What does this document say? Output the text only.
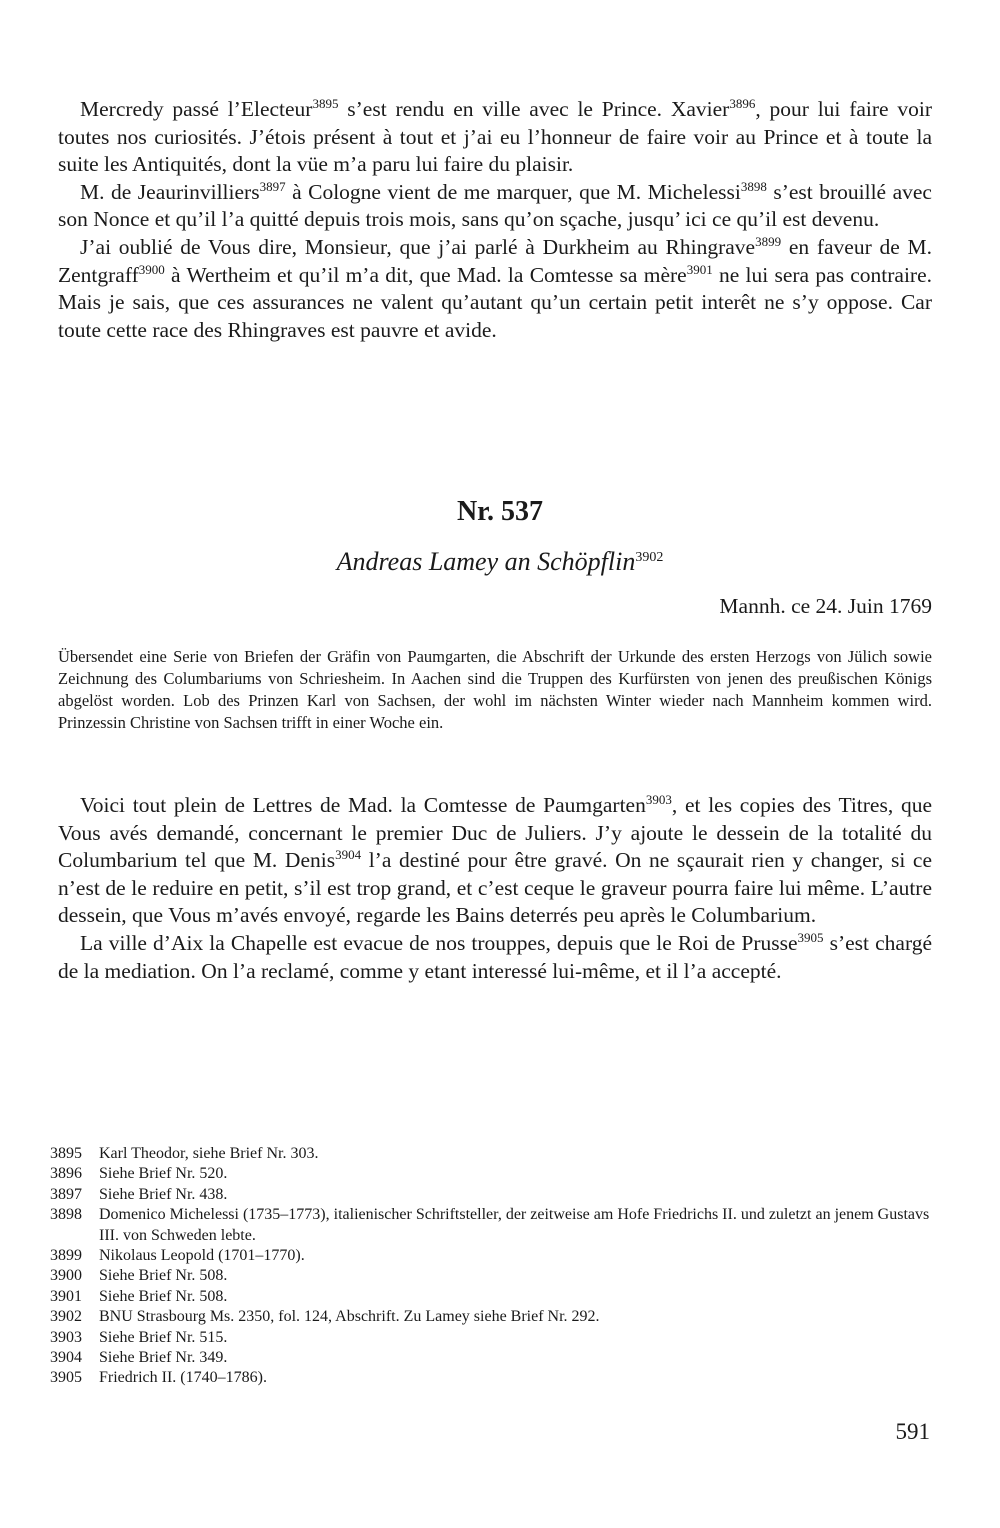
Mercredy passé l’Electeur$^{3895}$ s’est rendu en ville avec le Prince. Xavier$^{3896}$, pour lui faire voir toutes nos curiosités. J’étois présent à tout et j’ai eu l’honneur de faire voir au Prince et à toute la suite les Antiquités, dont la vüe m’a paru lui faire du plaisir.

M. de Jeaurinvilliers$^{3897}$ à Cologne vient de me marquer, que M. Michelessi$^{3898}$ s’est brouillé avec son Nonce et qu’il l’a quitté depuis trois mois, sans qu’on sçache, jusqu’ ici ce qu’il est devenu.

J’ai oublié de Vous dire, Monsieur, que j’ai parlé à Durkheim au Rhingrave$^{3899}$ en faveur de M. Zentgraff$^{3900}$ à Wertheim et qu’il m’a dit, que Mad. la Comtesse sa mère$^{3901}$ ne lui sera pas contraire. Mais je sais, que ces assurances ne valent qu’autant qu’un certain petit interêt ne s’y oppose. Car toute cette race des Rhingraves est pauvre et avide.

Nr. 537
Andreas Lamey an Schöpflin$^{3902}$
Mannh. ce 24. Juin 1769
Übersendet eine Serie von Briefen der Gräfin von Paumgarten, die Abschrift der Urkunde des ersten Herzogs von Jülich sowie Zeichnung des Columbariums von Schriesheim. In Aachen sind die Truppen des Kurfürsten von jenen des preußischen Königs abgelöst worden. Lob des Prinzen Karl von Sachsen, der wohl im nächsten Winter wieder nach Mannheim kommen wird. Prinzessin Christine von Sachsen trifft in einer Woche ein.

Voici tout plein de Lettres de Mad. la Comtesse de Paumgarten$^{3903}$, et les copies des Titres, que Vous avés demandé, concernant le premier Duc de Juliers. J’y ajoute le dessein de la totalité du Columbarium tel que M. Denis$^{3904}$ l’a destiné pour être gravé. On ne sçaurait rien y changer, si ce n’est de le reduire en petit, s’il est trop grand, et c’est ceque le graveur pourra faire lui même. L’autre dessein, que Vous m’avés envoyé, regarde les Bains deterrés peu après le Columbarium.

La ville d’Aix la Chapelle est evacue de nos trouppes, depuis que le Roi de Prusse$^{3905}$ s’est chargé de la mediation. On l’a reclamé, comme y etant interessé lui-même, et il l’a accepté.

3895	Karl Theodor, siehe Brief Nr. 303.
3896	Siehe Brief Nr. 520.
3897	Siehe Brief Nr. 438.
3898	Domenico Michelessi (1735–1773), italienischer Schriftsteller, der zeitweise am Hofe Friedrichs II. und zuletzt an jenem Gustavs III. von Schweden lebte.
3899	Nikolaus Leopold (1701–1770).
3900	Siehe Brief Nr. 508.
3901	Siehe Brief Nr. 508.
3902	BNU Strasbourg Ms. 2350, fol. 124, Abschrift. Zu Lamey siehe Brief Nr. 292.
3903	Siehe Brief Nr. 515.
3904	Siehe Brief Nr. 349.
3905	Friedrich II. (1740–1786).
591
